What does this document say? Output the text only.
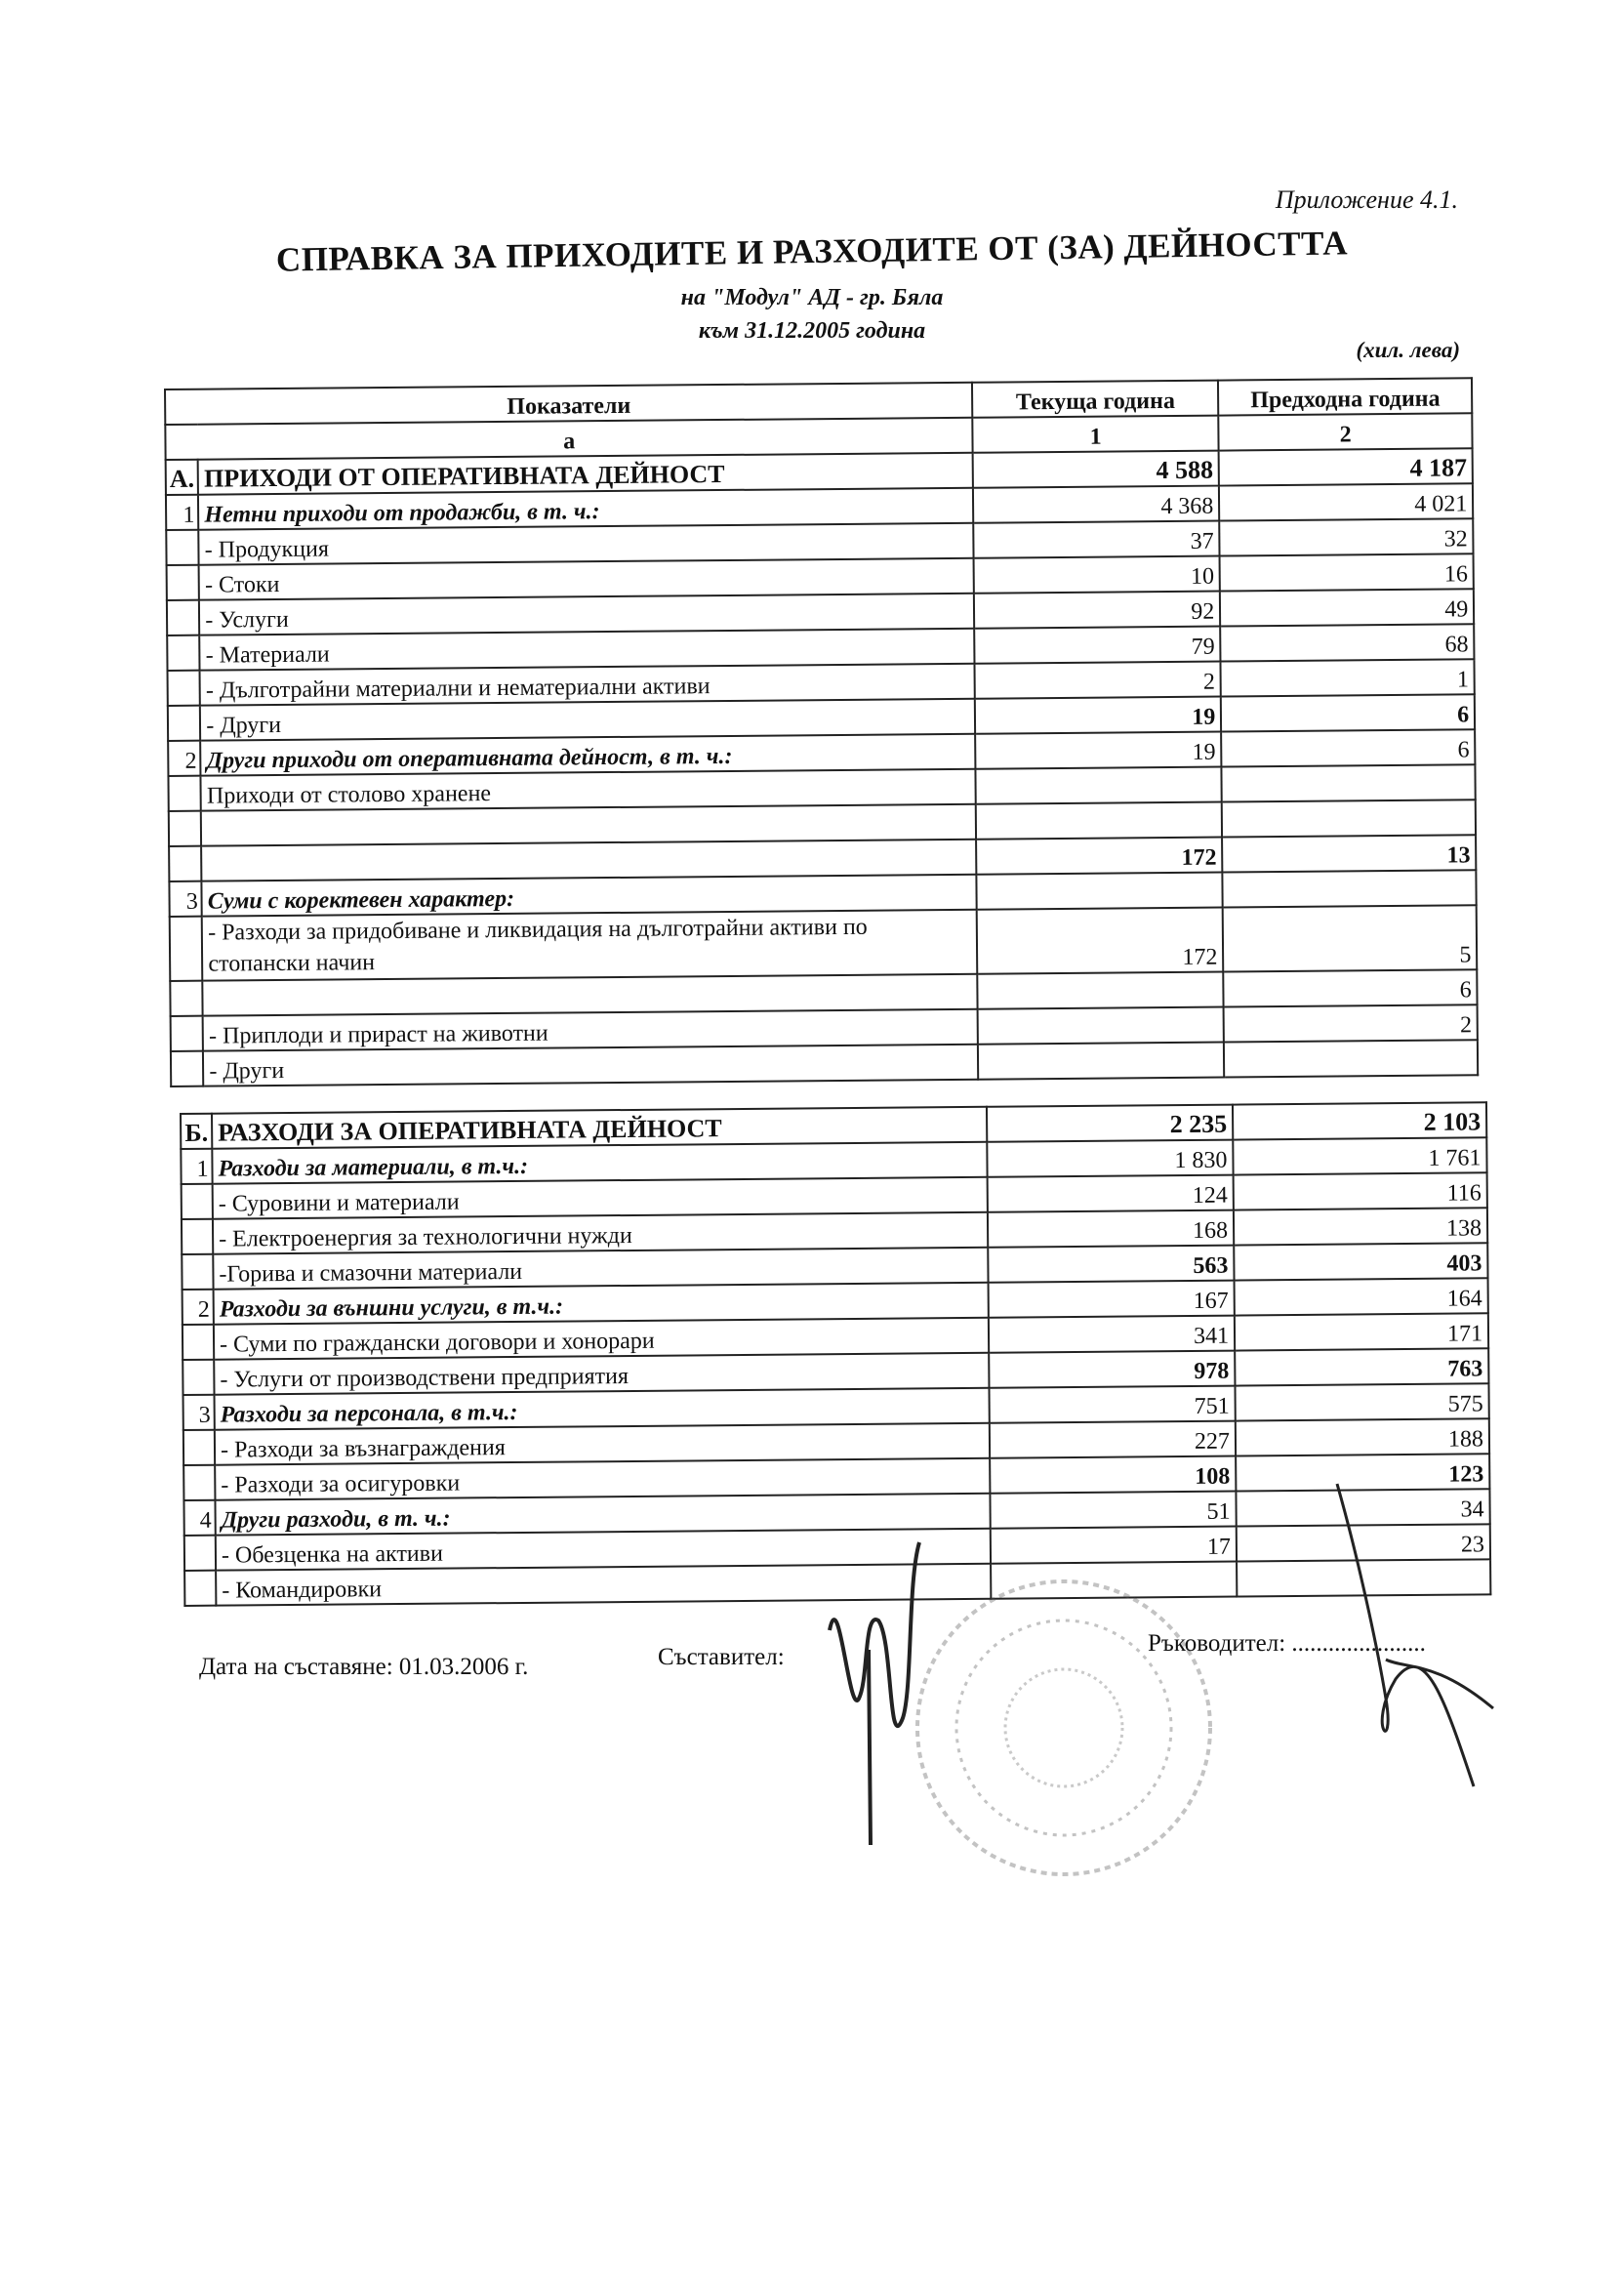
Приложение 4.1.
СПРАВКА ЗА ПРИХОДИТЕ И РАЗХОДИТЕ ОТ (ЗА) ДЕЙНОСТТА
на "Модул" АД - гр. Бяла
към 31.12.2005 година
(хил. лева)
Показатели		Текуща година	Предходна година
а		1	2
А.	ПРИХОДИ ОТ ОПЕРАТИВНАТА ДЕЙНОСТ	4 588	4 187
1	Нетни приходи от продажби, в т. ч.:	4 368	4 021
	- Продукция	37	32
	- Стоки	10	16
	- Услуги	92	49
	- Материали	79	68
	- Дълготрайни материални и нематериални активи	2	1
	- Други	19	6
2	Други приходи от оперативната дейност, в т. ч.:	19	6
	Приходи от столово хранене		

		172	13
3	Суми с коректевен характер:		
	- Разходи за придобиване и ликвидация на дълготрайни активи по стопански начин	172	5
			6
	- Приплоди и прираст на животни		2
	- Други		
Б.	РАЗХОДИ ЗА ОПЕРАТИВНАТА ДЕЙНОСТ	2 235	2 103
1	Разходи за материали, в т.ч.:	1 830	1 761
	- Суровини и материали	124	116
	- Електроенергия за технологични нужди	168	138
	-Горива и смазочни материали	563	403
2	Разходи за външни услуги, в т.ч.:	167	164
	- Суми по граждански договори и хонорари	341	171
	- Услуги от производствени предприятия	978	763
3	Разходи за персонала, в т.ч.:	751	575
	- Разходи за възнаграждения	227	188
	- Разходи за осигуровки	108	123
4	Други разходи, в т. ч.:	51	34
	- Обезценка на активи	17	23
	- Командировки		
Дата на съставяне: 01.03.2006 г.	Съставител:
Ръководител: ......................
